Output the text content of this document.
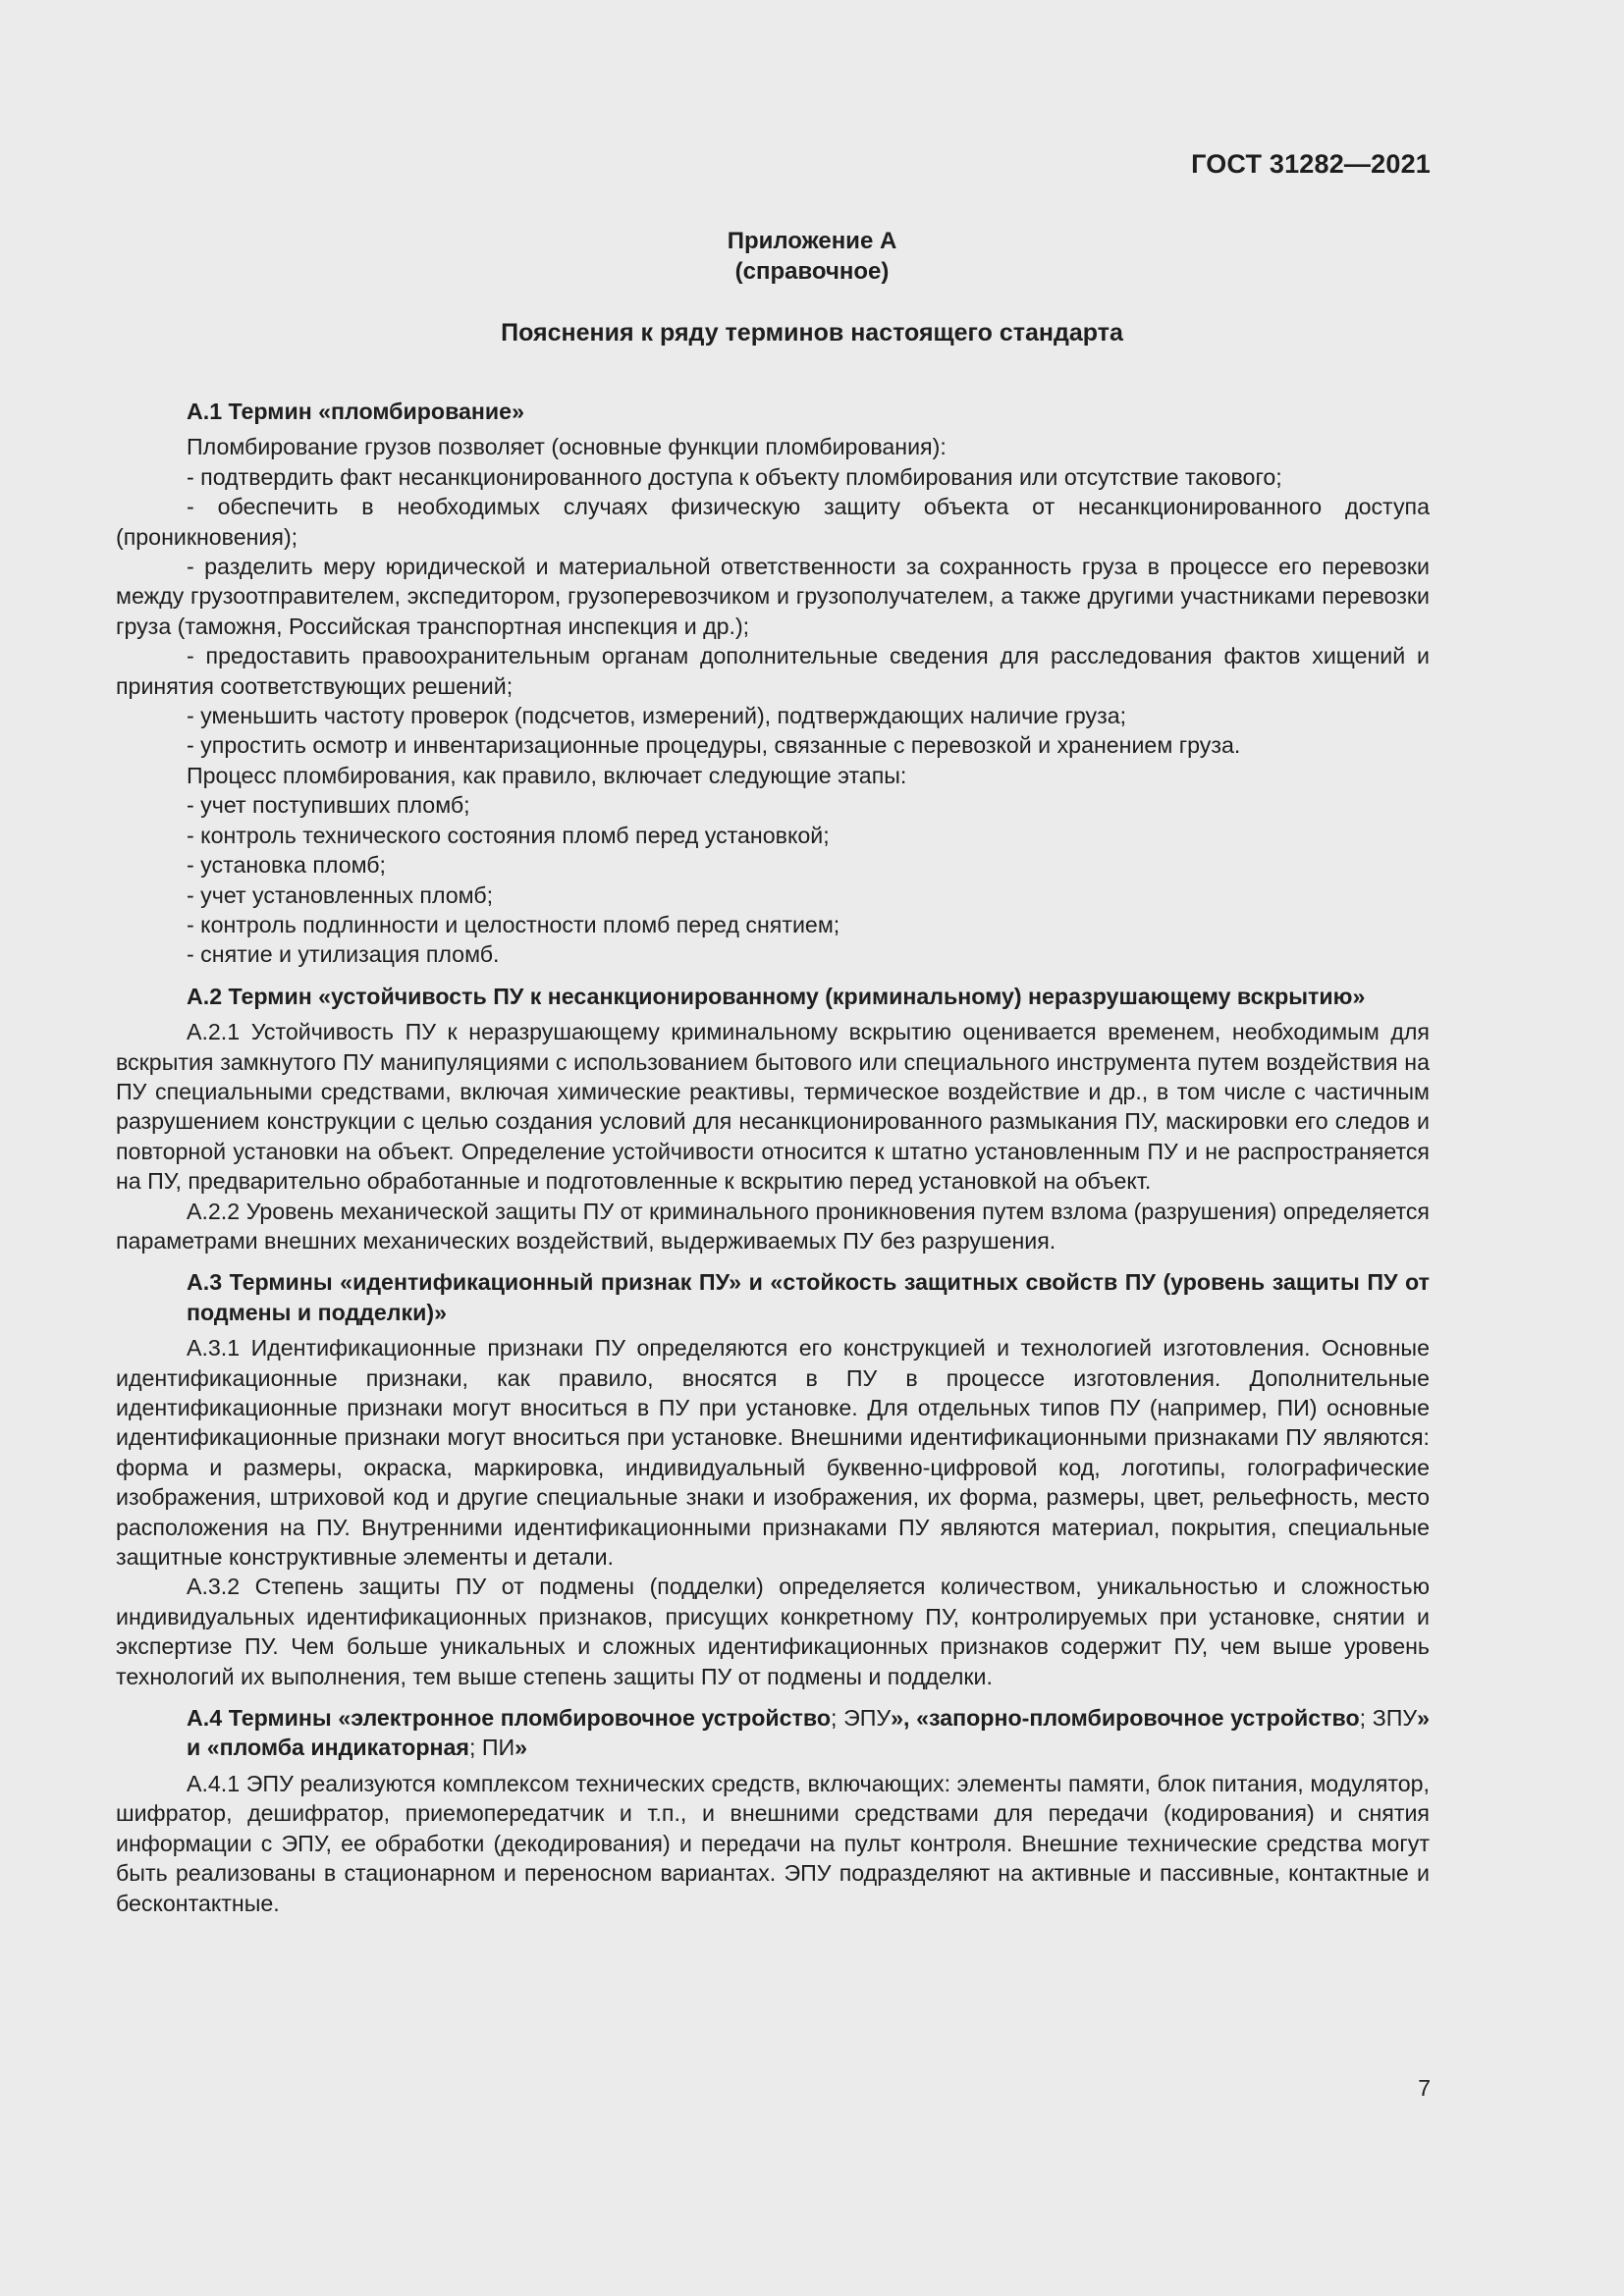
ГОСТ 31282—2021
Приложение А
(справочное)
Пояснения к ряду терминов настоящего стандарта

А.1 Термин «пломбирование»

Пломбирование грузов позволяет (основные функции пломбирования):

- подтвердить факт несанкционированного доступа к объекту пломбирования или отсутствие такового;

- обеспечить в необходимых случаях физическую защиту объекта от несанкционированного доступа (проникновения);

- разделить меру юридической и материальной ответственности за сохранность груза в процессе его перевозки между грузоотправителем, экспедитором, грузоперевозчиком и грузополучателем, а также другими участниками перевозки груза (таможня, Российская транспортная инспекция и др.);

- предоставить правоохранительным органам дополнительные сведения для расследования фактов хищений и принятия соответствующих решений;

- уменьшить частоту проверок (подсчетов, измерений), подтверждающих наличие груза;

- упростить осмотр и инвентаризационные процедуры, связанные с перевозкой и хранением груза.

Процесс пломбирования, как правило, включает следующие этапы:

- учет поступивших пломб;

- контроль технического состояния пломб перед установкой;

- установка пломб;

- учет установленных пломб;

- контроль подлинности и целостности пломб перед снятием;

- снятие и утилизация пломб.

А.2 Термин «устойчивость ПУ к несанкционированному (криминальному) неразрушающему вскрытию»

А.2.1 Устойчивость ПУ к неразрушающему криминальному вскрытию оценивается временем, необходимым для вскрытия замкнутого ПУ манипуляциями с использованием бытового или специального инструмента путем воздействия на ПУ специальными средствами, включая химические реактивы, термическое воздействие и др., в том числе с частичным разрушением конструкции с целью создания условий для несанкционированного размыкания ПУ, маскировки его следов и повторной установки на объект. Определение устойчивости относится к штатно установленным ПУ и не распространяется на ПУ, предварительно обработанные и подготовленные к вскрытию перед установкой на объект.

А.2.2 Уровень механической защиты ПУ от криминального проникновения путем взлома (разрушения) определяется параметрами внешних механических воздействий, выдерживаемых ПУ без разрушения.

А.3 Термины «идентификационный признак ПУ» и «стойкость защитных свойств ПУ (уровень защиты ПУ от подмены и подделки)»

А.3.1 Идентификационные признаки ПУ определяются его конструкцией и технологией изготовления. Основные идентификационные признаки, как правило, вносятся в ПУ в процессе изготовления. Дополнительные идентификационные признаки могут вноситься в ПУ при установке. Для отдельных типов ПУ (например, ПИ) основные идентификационные признаки могут вноситься при установке. Внешними идентификационными признаками ПУ являются: форма и размеры, окраска, маркировка, индивидуальный буквенно-цифровой код, логотипы, голографические изображения, штриховой код и другие специальные знаки и изображения, их форма, размеры, цвет, рельефность, место расположения на ПУ. Внутренними идентификационными признаками ПУ являются материал, покрытия, специальные защитные конструктивные элементы и детали.

А.3.2 Степень защиты ПУ от подмены (подделки) определяется количеством, уникальностью и сложностью индивидуальных идентификационных признаков, присущих конкретному ПУ, контролируемых при установке, снятии и экспертизе ПУ. Чем больше уникальных и сложных идентификационных признаков содержит ПУ, чем выше уровень технологий их выполнения, тем выше степень защиты ПУ от подмены и подделки.

А.4 Термины «электронное пломбировочное устройство; ЭПУ», «запорно-пломбировочное устройство; ЗПУ» и «пломба индикаторная; ПИ»

А.4.1 ЭПУ реализуются комплексом технических средств, включающих: элементы памяти, блок питания, модулятор, шифратор, дешифратор, приемопередатчик и т.п., и внешними средствами для передачи (кодирования) и снятия информации с ЭПУ, ее обработки (декодирования) и передачи на пульт контроля. Внешние технические средства могут быть реализованы в стационарном и переносном вариантах. ЭПУ подразделяют на активные и пассивные, контактные и бесконтактные.

7
